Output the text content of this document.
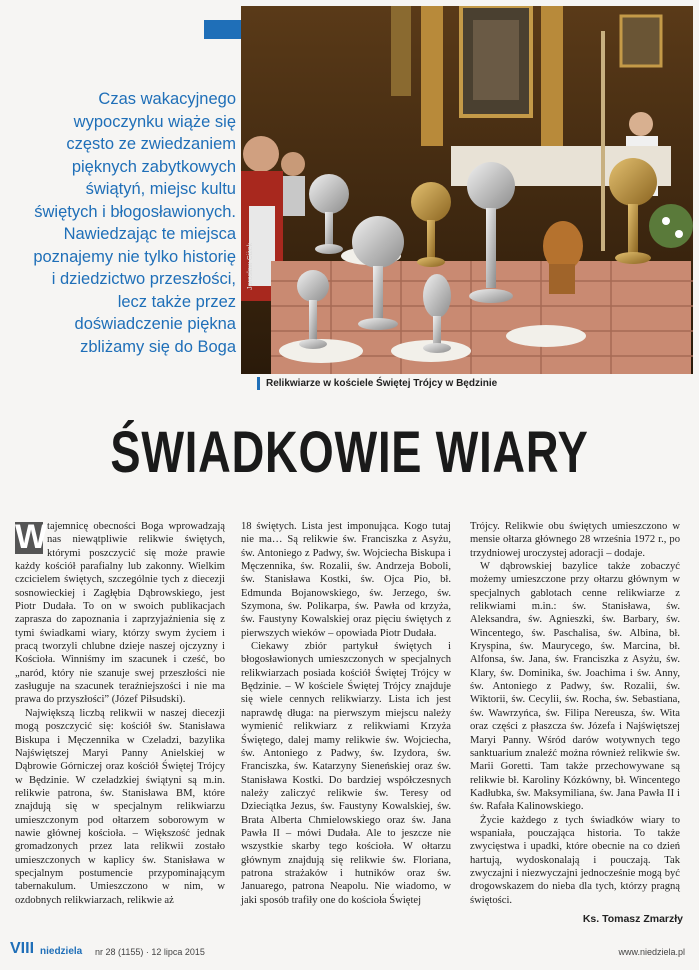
Czas wakacyjnego wypoczynku wiąże się często ze zwiedzaniem pięknych zabytkowych świątyń, miejsc kultu świętych i błogosławionych. Nawiedzając te miejsca poznajemy nie tylko historię i dziedzictwo przeszłości, lecz także przez doświadczenie piękna zbliżamy się do Boga
Jarosław Ciżek
Relikwiarze w kościele Świętej Trójcy w Będzinie
ŚWIADKOWIE WIARY
W tajemnicę obecności Boga wprowadzają nas niewątpliwie relikwie świętych, którymi poszczycić się może prawie każdy kościół parafialny lub zakonny. Wielkim czcicielem świętych, szczególnie tych z diecezji sosnowieckiej i Zagłębia Dąbrowskiego, jest Piotr Dudała. To on w swoich publikacjach zaprasza do zapoznania i zaprzyjaźnienia się z tymi świadkami wiary, którzy swym życiem i pracą tworzyli chlubne dzieje naszej ojczyzny i Kościoła. Winniśmy im szacunek i cześć, bo „naród, który nie szanuje swej przeszłości nie zasługuje na szacunek teraźniejszości i nie ma prawa do przyszłości” (Józef Piłsudski).

Największą liczbą relikwii w naszej diecezji mogą poszczycić się: kościół św. Stanisława Biskupa i Męczennika w Czeladzi, bazylika Najświętszej Maryi Panny Anielskiej w Dąbrowie Górniczej oraz kościół Świętej Trójcy w Będzinie. W czeladzkiej świątyni są m.in. relikwie patrona, św. Stanisława BM, które znajdują się w specjalnym relikwiarzu umieszczonym pod ołtarzem soborowym w nawie głównej kościoła. – Większość jednak gromadzonych przez lata relikwii zostało umieszczonych w kaplicy św. Stanisława w specjalnym postumencie przypominającym tabernakulum. Umieszczono w nim, w ozdobnych relikwiarzach, relikwie aż

18 świętych. Lista jest imponująca. Kogo tutaj nie ma… Są relikwie św. Franciszka z Asyżu, św. Antoniego z Padwy, św. Wojciecha Biskupa i Męczennika, św. Rozalii, św. Andrzeja Boboli, św. Stanisława Kostki, św. Ojca Pio, bł. Edmunda Bojanowskiego, św. Jerzego, św. Szymona, św. Polikarpa, św. Pawła od krzyża, św. Faustyny Kowalskiej oraz pięciu świętych z pierwszych wieków – opowiada Piotr Dudała.

Ciekawy zbiór partykuł świętych i błogosławionych umieszczonych w specjalnych relikwiarzach posiada kościół Świętej Trójcy w Będzinie. – W kościele Świętej Trójcy znajduje się wiele cennych relikwiarzy. Lista ich jest naprawdę długa: na pierwszym miejscu należy wymienić relikwiarz z relikwiami Krzyża Świętego, dalej mamy relikwie św. Wojciecha, św. Antoniego z Padwy, św. Izydora, św. Franciszka, św. Katarzyny Sieneńskiej oraz św. Stanisława Kostki. Do bardziej współczesnych należy zaliczyć relikwie św. Teresy od Dzieciątka Jezus, św. Faustyny Kowalskiej, św. Brata Alberta Chmielowskiego oraz św. Jana Pawła II – mówi Dudała. Ale to jeszcze nie wszystkie skarby tego kościoła. W ołtarzu głównym znajdują się relikwie św. Floriana, patrona strażaków i hutników oraz św. Januarego, patrona Neapolu. Nie wiadomo, w jaki sposób trafiły one do kościoła Świętej

Trójcy. Relikwie obu świętych umieszczono w mensie ołtarza głównego 28 września 1972 r., po trzydniowej uroczystej adoracji – dodaje.

W dąbrowskiej bazylice także zobaczyć możemy umieszczone przy ołtarzu głównym w specjalnych gablotach cenne relikwiarze z relikwiami m.in.: św. Stanisława, św. Aleksandra, św. Agnieszki, św. Barbary, św. Wincentego, św. Paschalisa, św. Albina, bł. Kryspina, św. Maurycego, św. Marcina, bł. Alfonsa, św. Jana, św. Franciszka z Asyżu, św. Klary, św. Dominika, św. Joachima i św. Anny, św. Antoniego z Padwy, św. Rozalii, św. Wiktorii, św. Cecylii, św. Rocha, św. Sebastiana, św. Wawrzyńca, św. Filipa Nereusza, św. Wita oraz części z płaszcza św. Józefa i Najświętszej Maryi Panny. Wśród darów wotywnych tego sanktuarium znaleźć można również relikwie św. Marii Goretti. Tam także przechowywane są relikwie bł. Karoliny Kózkówny, bł. Wincentego Kadłubka, św. Maksymiliana, św. Jana Pawła II i św. Rafała Kalinowskiego.

Życie każdego z tych świadków wiary to wspaniała, pouczająca historia. To także zwycięstwa i upadki, które obecnie na co dzień hartują, wydoskonalają i pouczają. Tak zwyczajni i niezwyczajni jednocześnie mogą być drogowskazem do nieba dla tych, którzy pragną świętości.

Ks. Tomasz Zmarzły
VIII niedziela nr 28 (1155) · 12 lipca 2015	www.niedziela.pl
